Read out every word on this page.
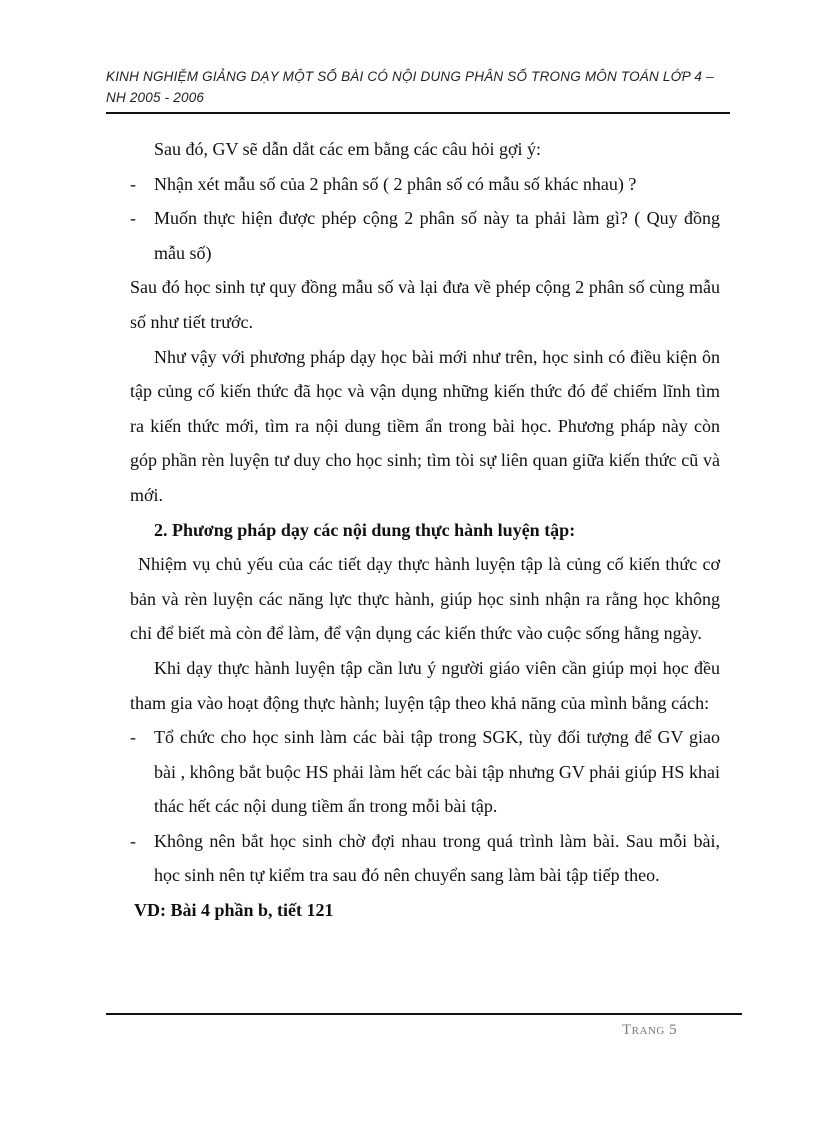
KINH NGHIỆM GIẢNG DẠY MỘT SỐ BÀI CÓ NỘI DUNG PHÂN SỐ TRONG MÔN TOÁN LỚP 4 –
NH 2005 - 2006

Sau đó, GV sẽ dẫn dắt các em bằng các câu hỏi gợi ý:

- Nhận xét mẫu số của 2 phân số ( 2 phân số có mẫu số khác nhau) ?

- Muốn thực hiện được phép cộng 2 phân số này ta phải làm gì? ( Quy đồng mẫu số)

Sau đó học sinh tự quy đồng mẫu số và lại đưa về phép cộng 2 phân số cùng mẫu số như tiết trước.

Như vậy với phương pháp dạy học bài mới như trên, học sinh có điều kiện ôn tập củng cố kiến thức đã học và vận dụng những kiến thức đó để chiếm lĩnh tìm ra kiến thức mới, tìm ra nội dung tiềm ẩn trong bài học. Phương pháp này còn góp phần rèn luyện tư duy cho học sinh; tìm tòi sự liên quan giữa kiến thức cũ và mới.

2. Phương pháp dạy các nội dung thực hành luyện tập:

Nhiệm vụ chủ yếu của các tiết dạy thực hành luyện tập là củng cố kiến thức cơ bản và rèn luyện các năng lực thực hành, giúp học sinh nhận ra rằng học không chỉ để biết mà còn để làm, để vận dụng các kiến thức vào cuộc sống hằng ngày.

Khi dạy thực hành luyện tập cần lưu ý người giáo viên cần giúp mọi học đều tham gia vào hoạt động thực hành; luyện tập theo khả năng của mình bằng cách:

- Tổ chức cho học sinh làm các bài tập trong SGK, tùy đối tượng để GV giao bài , không bắt buộc HS phải làm hết các bài tập nhưng GV phải giúp HS khai thác hết các nội dung tiềm ẩn trong mỗi bài tập.

- Không nên bắt học sinh chờ đợi nhau trong quá trình làm bài. Sau mỗi bài, học sinh nên tự kiểm tra sau đó nên chuyển sang làm bài tập tiếp theo.

VD: Bài 4 phần b, tiết 121

Trang 5
